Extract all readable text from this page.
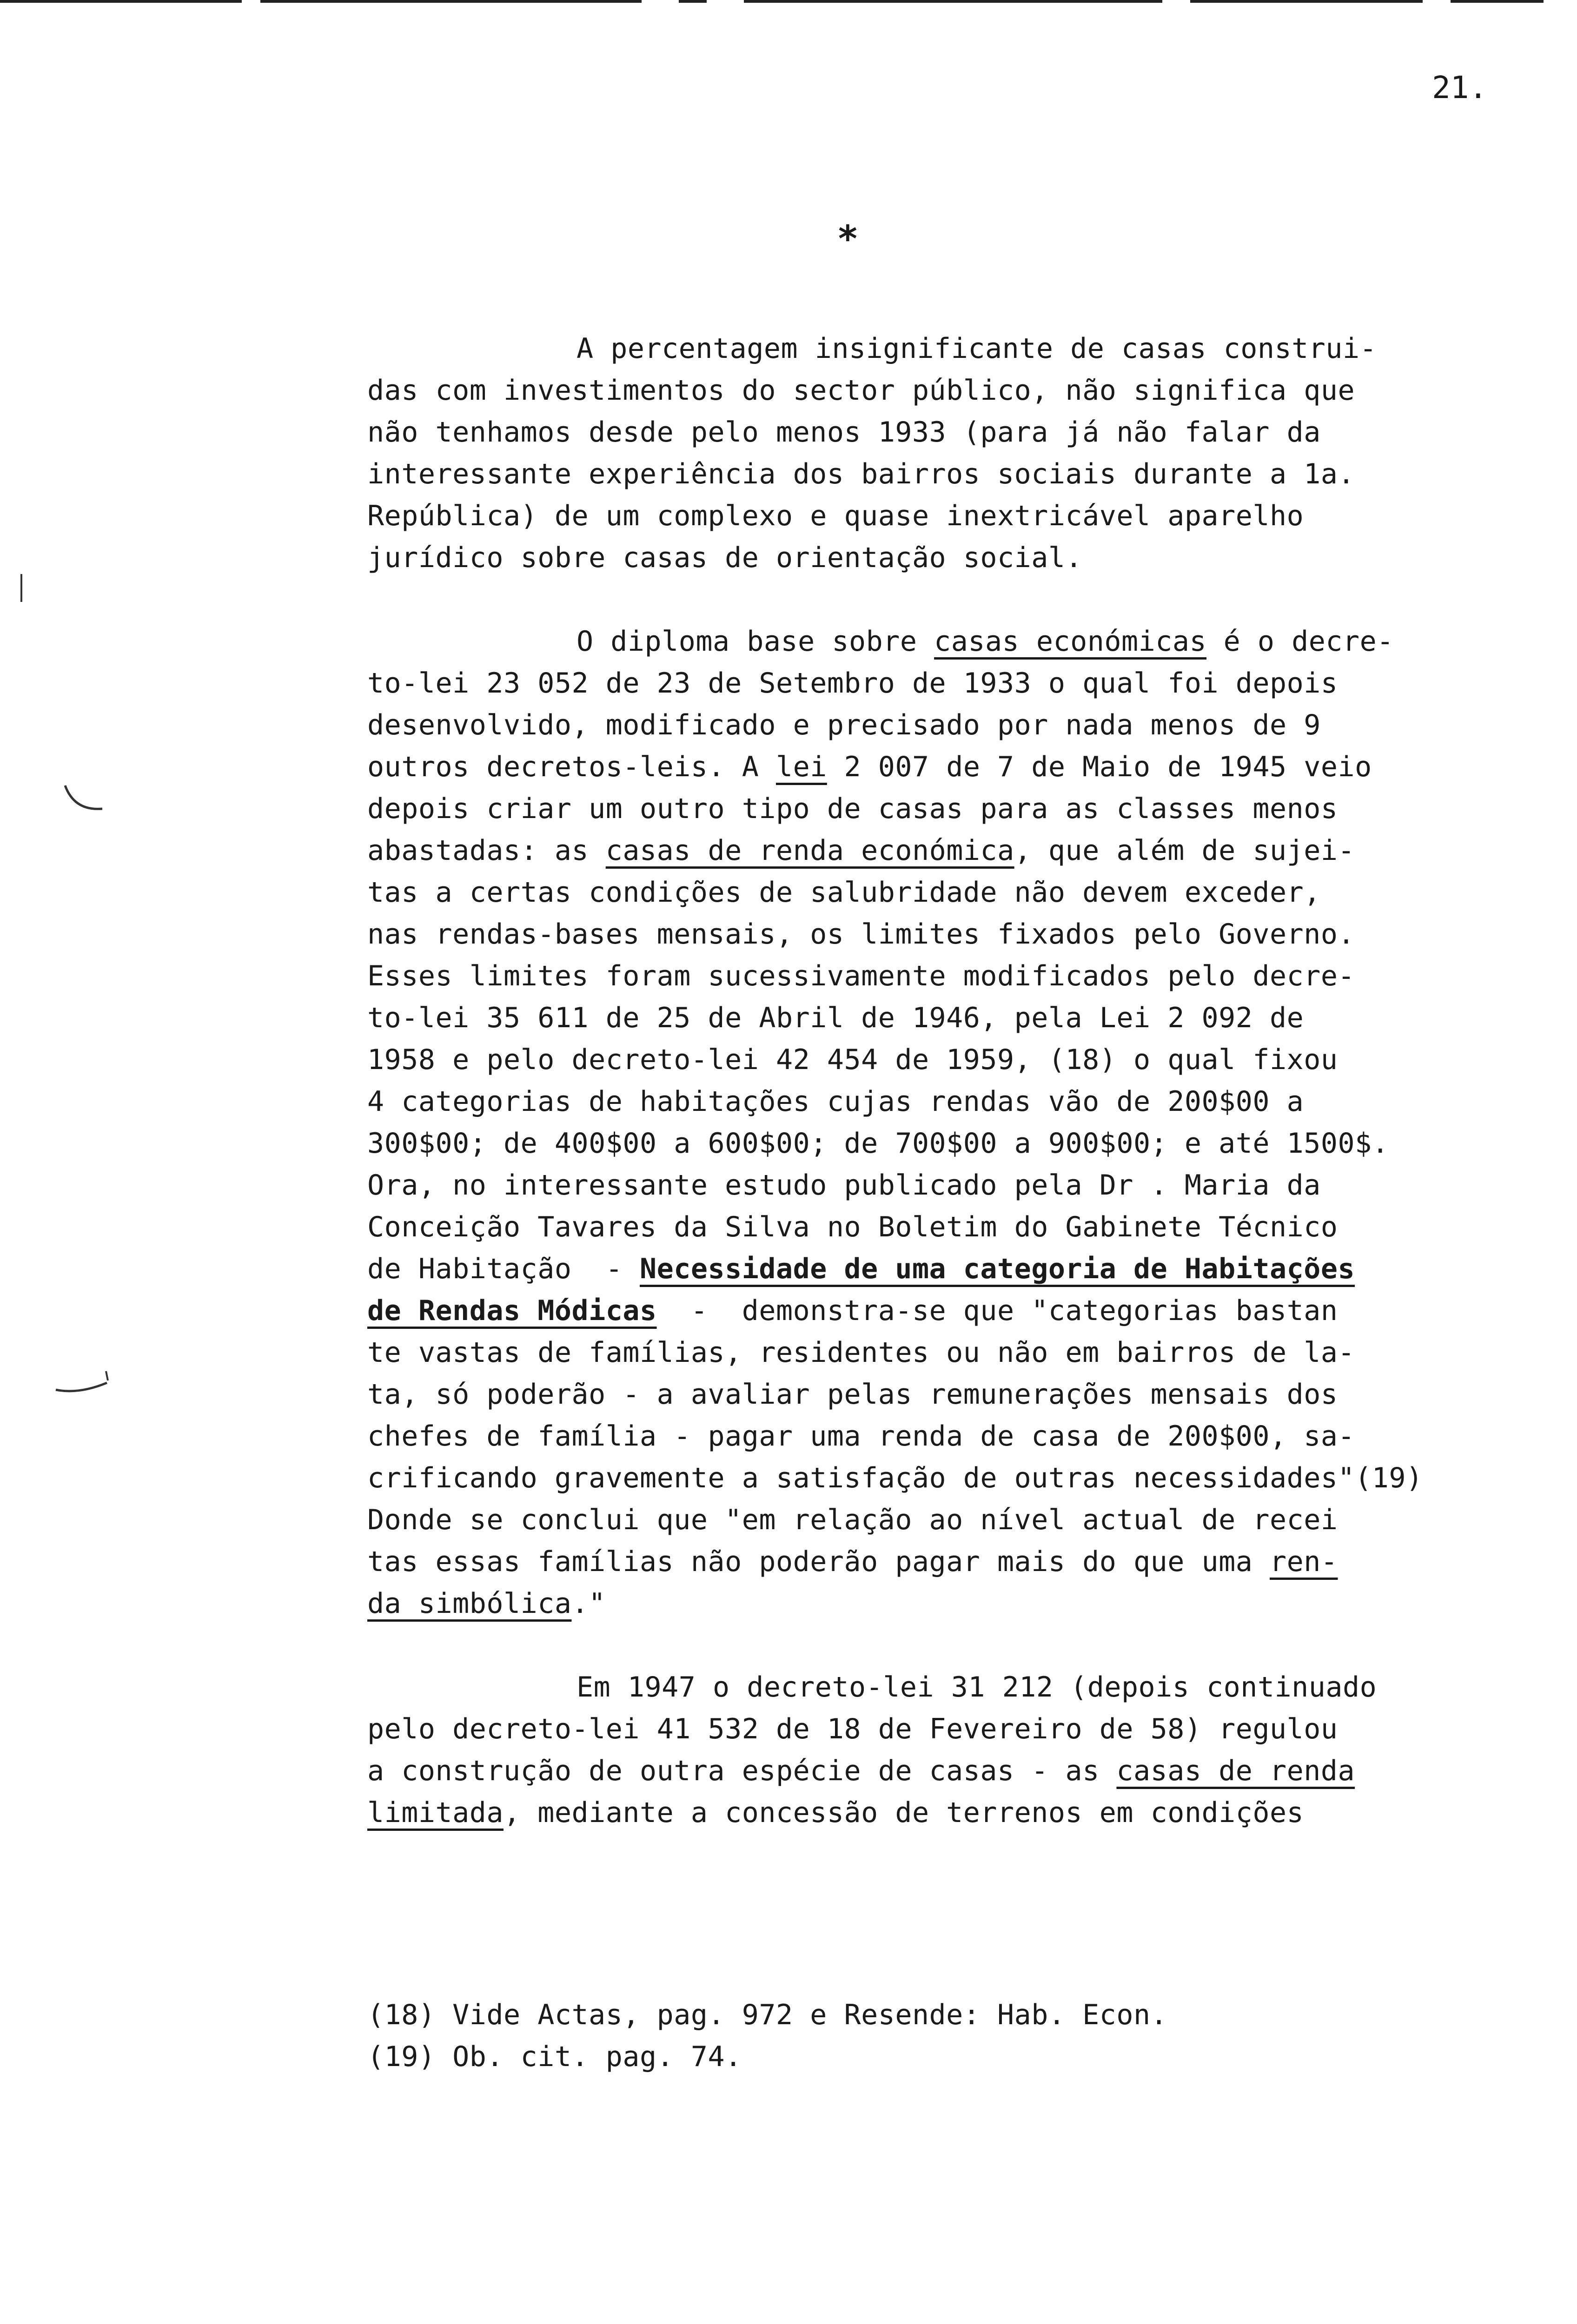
21.
*
A percentagem insignificante de casas construi-
das com investimentos do sector público, não significa que
não tenhamos desde pelo menos 1933 (para já não falar da
interessante experiência dos bairros sociais durante a 1a.
República) de um complexo e quase inextricável aparelho
jurídico sobre casas de orientação social.
O diploma base sobre casas económicas é o decre-
to-lei 23 052 de 23 de Setembro de 1933 o qual foi depois
desenvolvido, modificado e precisado por nada menos de 9
outros decretos-leis. A lei 2 007 de 7 de Maio de 1945 veio
depois criar um outro tipo de casas para as classes menos
abastadas: as casas de renda económica, que além de sujei-
tas a certas condições de salubridade não devem exceder,
nas rendas-bases mensais, os limites fixados pelo Governo.
Esses limites foram sucessivamente modificados pelo decre-
to-lei 35 611 de 25 de Abril de 1946, pela Lei 2 092 de
1958 e pelo decreto-lei 42 454 de 1959, (18) o qual fixou
4 categorias de habitações cujas rendas vão de 200$00 a
300$00; de 400$00 a 600$00; de 700$00 a 900$00; e até 1500$.
Ora, no interessante estudo publicado pela Dr . Maria da
Conceição Tavares da Silva no Boletim do Gabinete Técnico
de Habitação  - Necessidade de uma categoria de Habitações
de Rendas Módicas  -  demonstra-se que "categorias bastan
te vastas de famílias, residentes ou não em bairros de la-
ta, só poderão - a avaliar pelas remunerações mensais dos
chefes de família - pagar uma renda de casa de 200$00, sa-
crificando gravemente a satisfação de outras necessidades"(19)
Donde se conclui que "em relação ao nível actual de recei
tas essas famílias não poderão pagar mais do que uma ren-
da simbólica."
Em 1947 o decreto-lei 31 212 (depois continuado
pelo decreto-lei 41 532 de 18 de Fevereiro de 58) regulou
a construção de outra espécie de casas - as casas de renda
limitada, mediante a concessão de terrenos em condições
(18) Vide Actas, pag. 972 e Resende: Hab. Econ.
(19) Ob. cit. pag. 74.
